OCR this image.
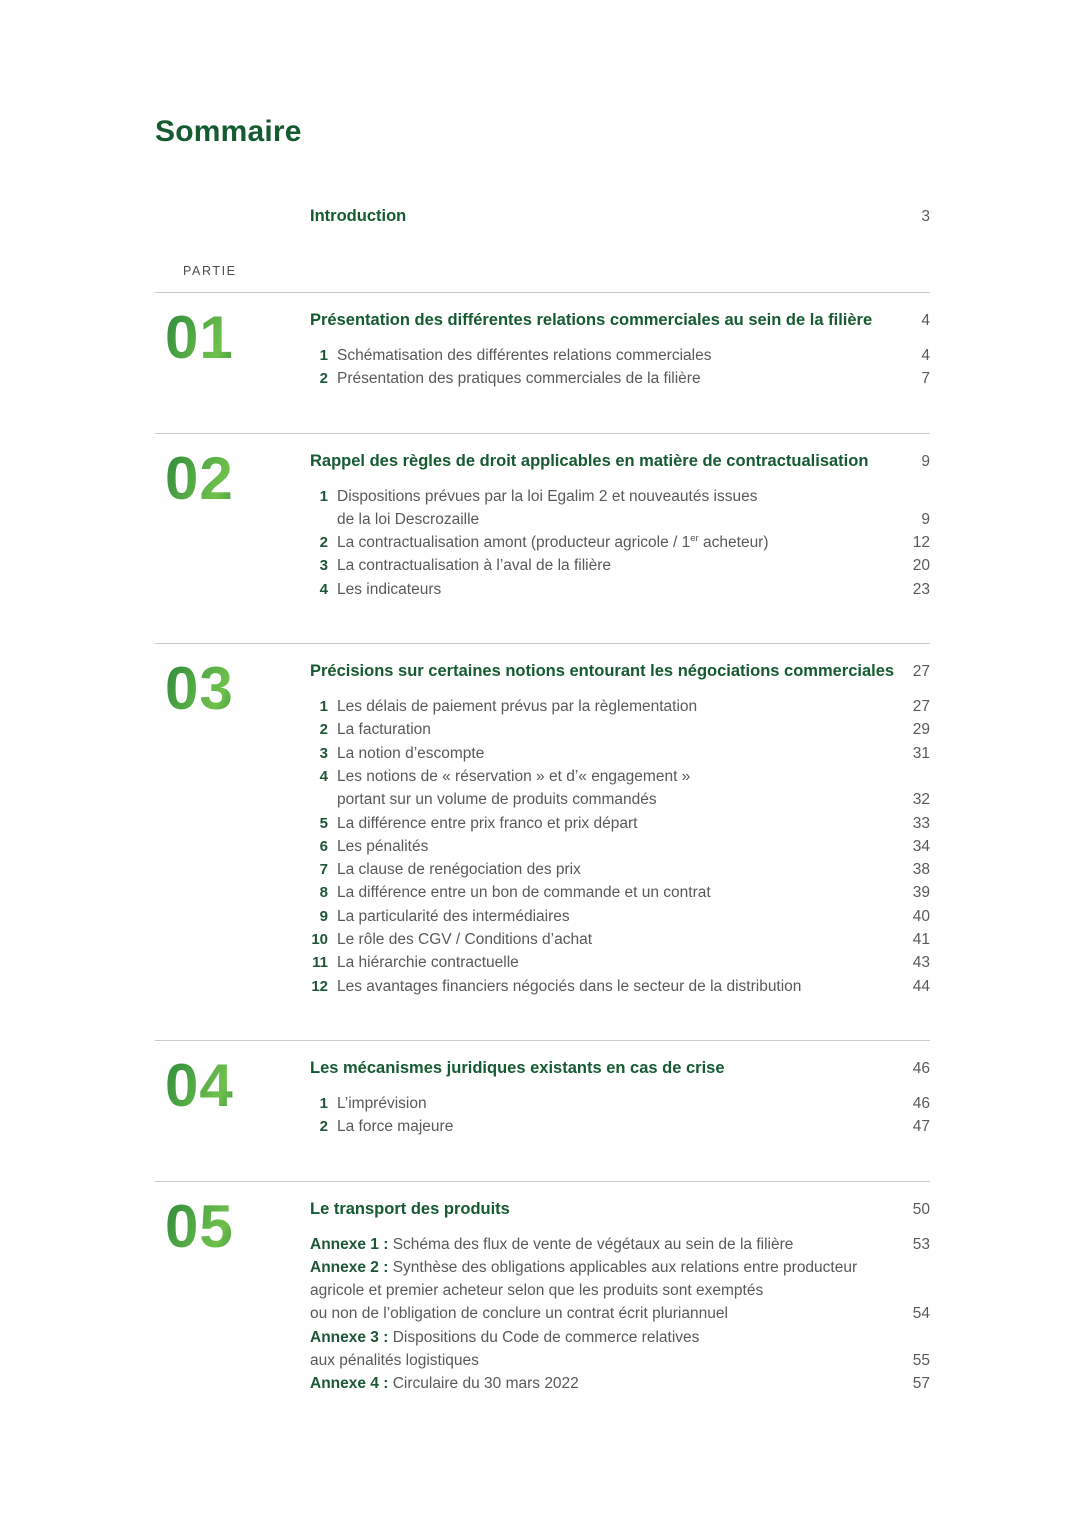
Sommaire
Introduction	3
PARTIE
01	Présentation des différentes relations commerciales au sein de la filière	4
1 Schématisation des différentes relations commerciales	4
2 Présentation des pratiques commerciales de la filière	7
02	Rappel des règles de droit applicables en matière de contractualisation	9
1 Dispositions prévues par la loi Egalim 2 et nouveautés issues
de la loi Descrozaille	9
2 La contractualisation amont (producteur agricole / 1er acheteur)	12
3 La contractualisation à l’aval de la filière	20
4 Les indicateurs	23
03	Précisions sur certaines notions entourant les négociations commerciales	27
1 Les délais de paiement prévus par la règlementation	27
2 La facturation	29
3 La notion d’escompte	31
4 Les notions de « réservation » et d’« engagement »
portant sur un volume de produits commandés	32
5 La différence entre prix franco et prix départ	33
6 Les pénalités	34
7 La clause de renégociation des prix	38
8 La différence entre un bon de commande et un contrat	39
9 La particularité des intermédiaires	40
10 Le rôle des CGV / Conditions d’achat	41
11 La hiérarchie contractuelle	43
12 Les avantages financiers négociés dans le secteur de la distribution	44
04	Les mécanismes juridiques existants en cas de crise	46
1 L’imprévision	46
2 La force majeure	47
05	Le transport des produits	50
Annexe 1 : Schéma des flux de vente de végétaux au sein de la filière	53
Annexe 2 : Synthèse des obligations applicables aux relations entre producteur
agricole et premier acheteur selon que les produits sont exemptés
ou non de l’obligation de conclure un contrat écrit pluriannuel	54
Annexe 3 : Dispositions du Code de commerce relatives
aux pénalités logistiques	55
Annexe 4 : Circulaire du 30 mars 2022	57
